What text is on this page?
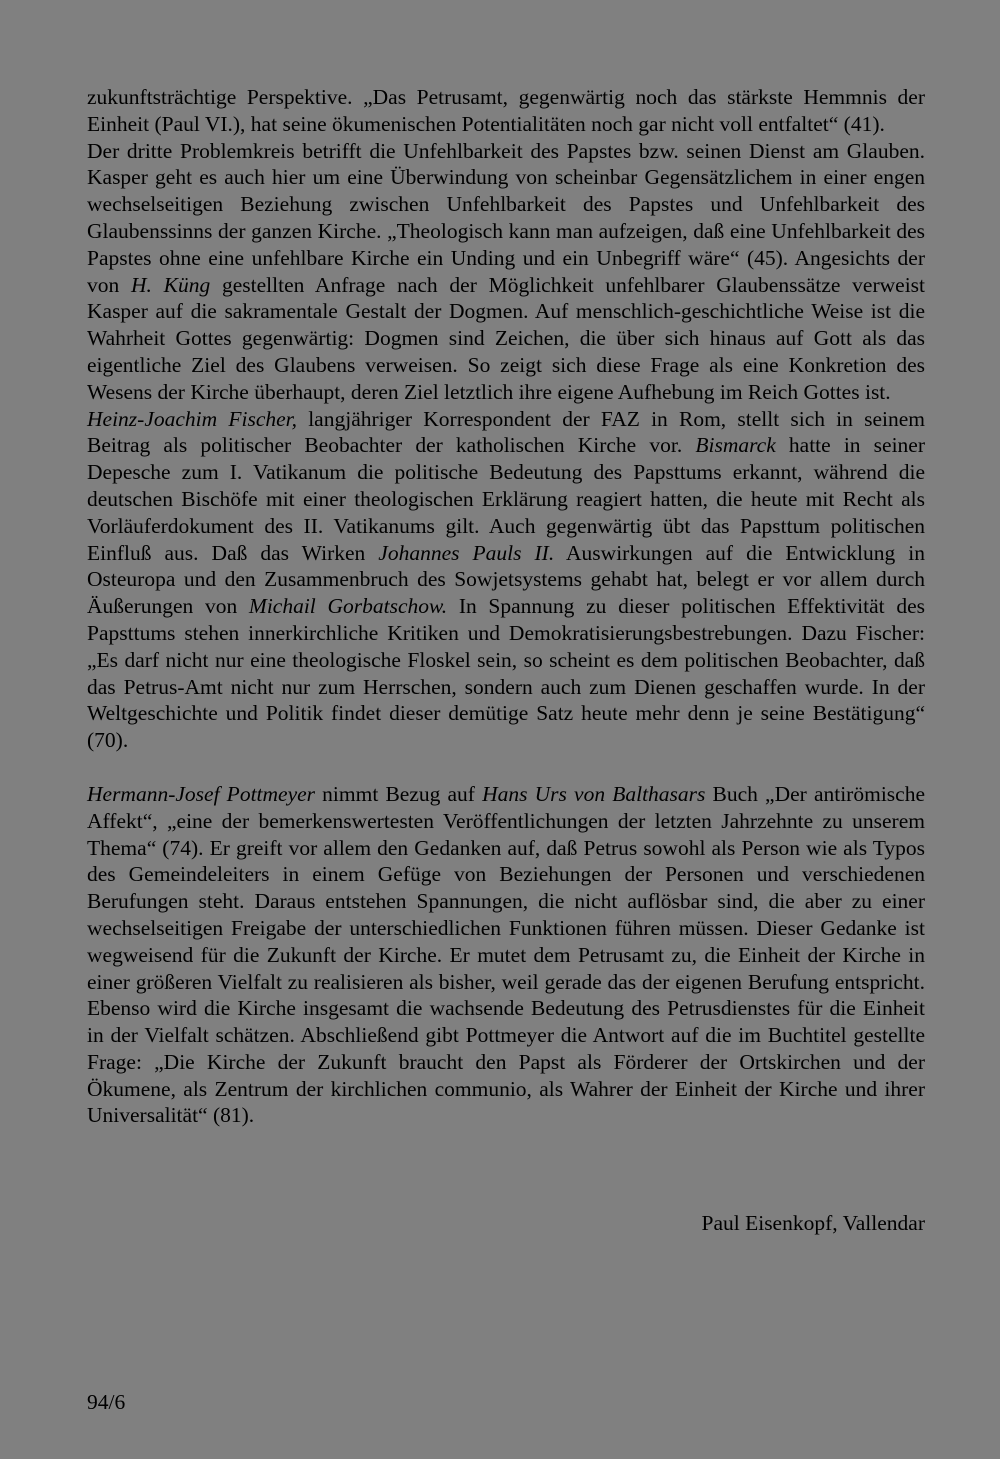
zukunftsträchtige Perspektive. „Das Petrusamt, gegenwärtig noch das stärkste Hemmnis der Einheit (Paul VI.), hat seine ökumenischen Potentialitäten noch gar nicht voll entfaltet“ (41).

Der dritte Problemkreis betrifft die Unfehlbarkeit des Papstes bzw. seinen Dienst am Glauben. Kasper geht es auch hier um eine Überwindung von scheinbar Gegensätzlichem in einer engen wechselseitigen Beziehung zwischen Unfehlbarkeit des Papstes und Unfehlbarkeit des Glaubenssinns der ganzen Kirche. „Theologisch kann man aufzeigen, daß eine Unfehlbarkeit des Papstes ohne eine unfehlbare Kirche ein Unding und ein Unbegriff wäre“ (45). Angesichts der von H. Küng gestellten Anfrage nach der Möglichkeit unfehlbarer Glaubenssätze verweist Kasper auf die sakramentale Gestalt der Dogmen. Auf menschlich-geschichtliche Weise ist die Wahrheit Gottes gegenwärtig: Dogmen sind Zeichen, die über sich hinaus auf Gott als das eigentliche Ziel des Glaubens verweisen. So zeigt sich diese Frage als eine Konkretion des Wesens der Kirche überhaupt, deren Ziel letztlich ihre eigene Aufhebung im Reich Gottes ist.

Heinz-Joachim Fischer, langjähriger Korrespondent der FAZ in Rom, stellt sich in seinem Beitrag als politischer Beobachter der katholischen Kirche vor. Bismarck hatte in seiner Depesche zum I. Vatikanum die politische Bedeutung des Papsttums erkannt, während die deutschen Bischöfe mit einer theologischen Erklärung reagiert hatten, die heute mit Recht als Vorläuferdokument des II. Vatikanums gilt. Auch gegenwärtig übt das Papsttum politischen Einfluß aus. Daß das Wirken Johannes Pauls II. Auswirkungen auf die Entwicklung in Osteuropa und den Zusammenbruch des Sowjetsystems gehabt hat, belegt er vor allem durch Äußerungen von Michail Gorbatschow. In Spannung zu dieser politischen Effektivität des Papsttums stehen innerkirchliche Kritiken und Demokratisierungsbestrebungen. Dazu Fischer: „Es darf nicht nur eine theologische Floskel sein, so scheint es dem politischen Beobachter, daß das Petrus-Amt nicht nur zum Herrschen, sondern auch zum Dienen geschaffen wurde. In der Weltgeschichte und Politik findet dieser demütige Satz heute mehr denn je seine Bestätigung“ (70).

Hermann-Josef Pottmeyer nimmt Bezug auf Hans Urs von Balthasars Buch „Der antirömische Affekt“, „eine der bemerkenswertesten Veröffentlichungen der letzten Jahrzehnte zu unserem Thema“ (74). Er greift vor allem den Gedanken auf, daß Petrus sowohl als Person wie als Typos des Gemeindeleiters in einem Gefüge von Beziehungen der Personen und verschiedenen Berufungen steht. Daraus entstehen Spannungen, die nicht auflösbar sind, die aber zu einer wechselseitigen Freigabe der unterschiedlichen Funktionen führen müssen. Dieser Gedanke ist wegweisend für die Zukunft der Kirche. Er mutet dem Petrusamt zu, die Einheit der Kirche in einer größeren Vielfalt zu realisieren als bisher, weil gerade das der eigenen Berufung entspricht. Ebenso wird die Kirche insgesamt die wachsende Bedeutung des Petrusdienstes für die Einheit in der Vielfalt schätzen. Abschließend gibt Pottmeyer die Antwort auf die im Buchtitel gestellte Frage: „Die Kirche der Zukunft braucht den Papst als Förderer der Ortskirchen und der Ökumene, als Zentrum der kirchlichen communio, als Wahrer der Einheit der Kirche und ihrer Universalität“ (81).

Paul Eisenkopf, Vallendar
94/6
